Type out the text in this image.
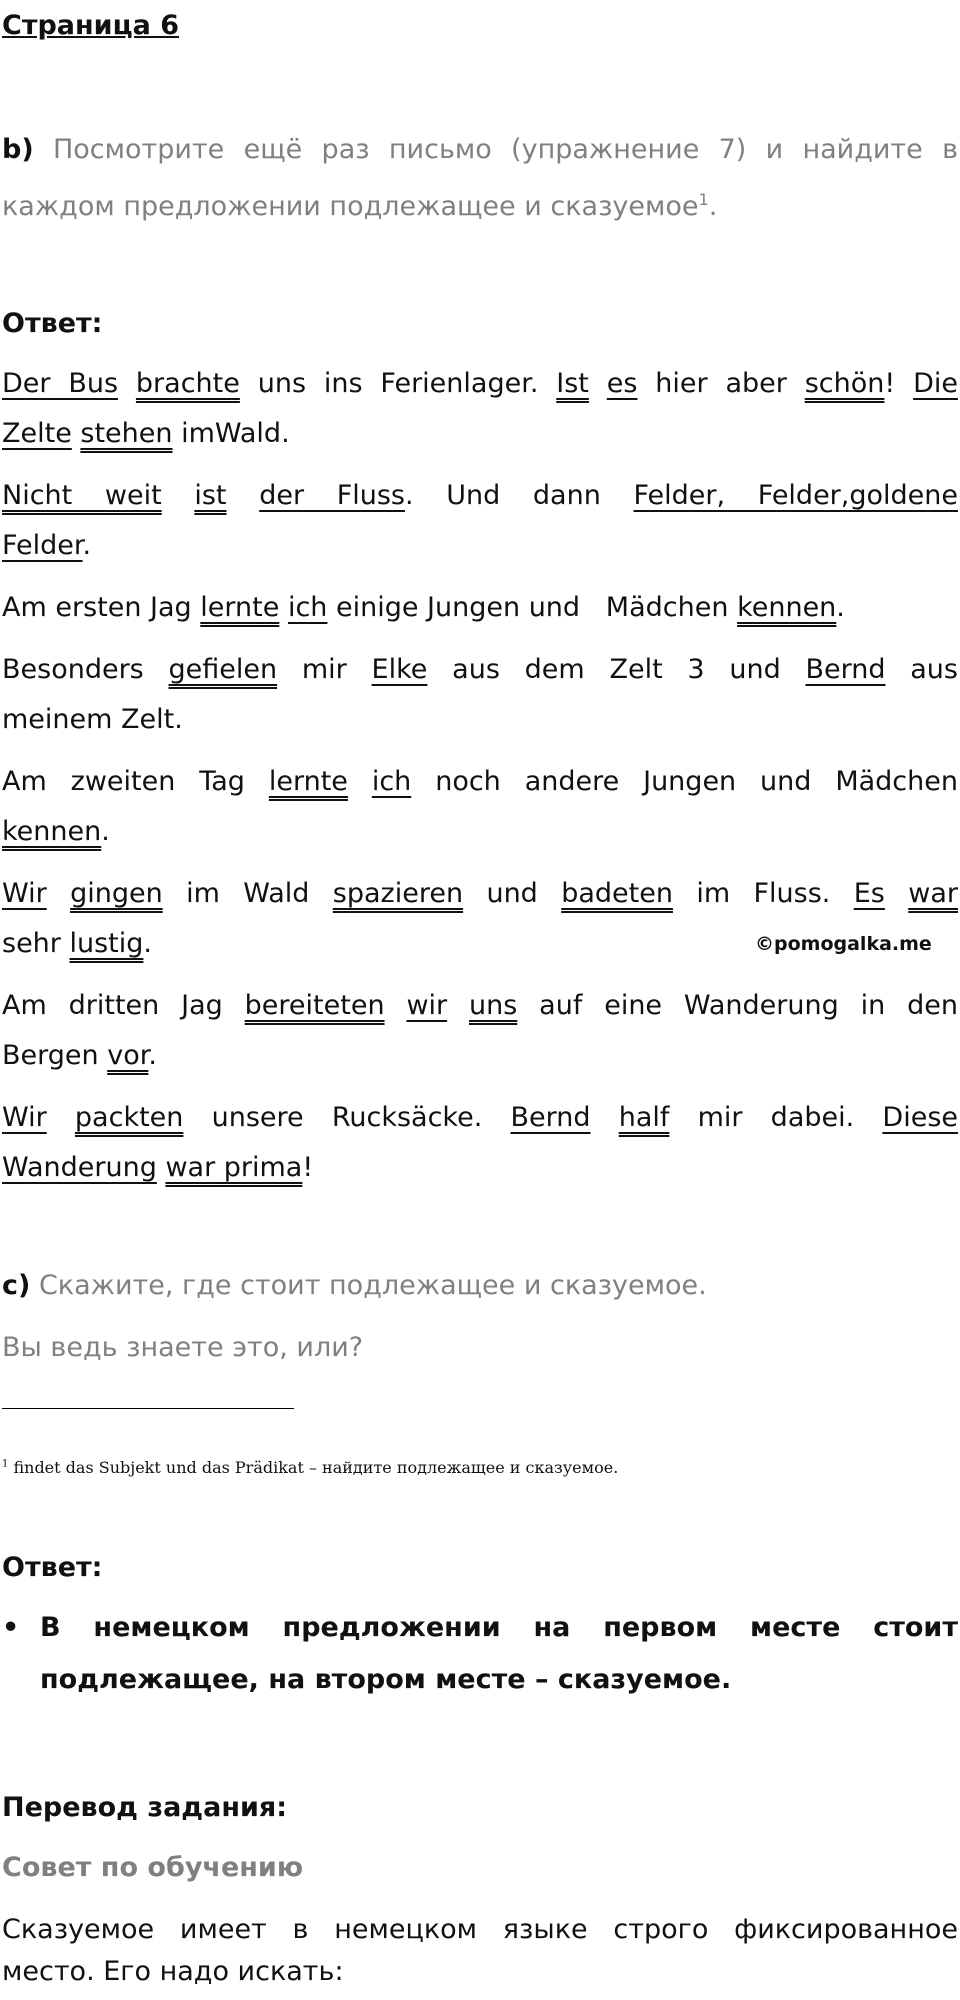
Страница 6
b) Посмотрите ещё раз письмо (упражнение 7) и найдите в
каждом предложении подлежащее и сказуемое$^1$.
Ответ:
Der Bus brachte uns ins Ferienlager. Ist es hier aber schön! Die
Zelte stehen imWald.
Nicht weit ist der Fluss. Und dann Felder, Felder,goldene
Felder.
Am ersten Jag lernte ich einige Jungen und   Mädchen kennen.
Besonders gefielen mir Elke aus dem Zelt 3 und Bernd aus
meinem Zelt.
Am zweiten Tag lernte ich noch andere Jungen und Mädchen
kennen.
Wir gingen im Wald spazieren und badeten im Fluss. Es war
sehr lustig.	©pomogalka.me
Am dritten Jag bereiteten wir uns auf eine Wanderung in den
Bergen vor.
Wir packten unsere Rucksäcke. Bernd half mir dabei. Diese
Wanderung war prima!
c) Скажите, где стоит подлежащее и сказуемое.
Вы ведь знаете это, или?
$^1$ findet das Subjekt und das Prädikat – найдите подлежащее и сказуемое.
Ответ:
• В немецком предложении на первом месте стоит
подлежащее, на втором месте – сказуемое.
Перевод задания:
Совет по обучению
Сказуемое имеет в немецком языке строго фиксированное
место. Его надо искать:
